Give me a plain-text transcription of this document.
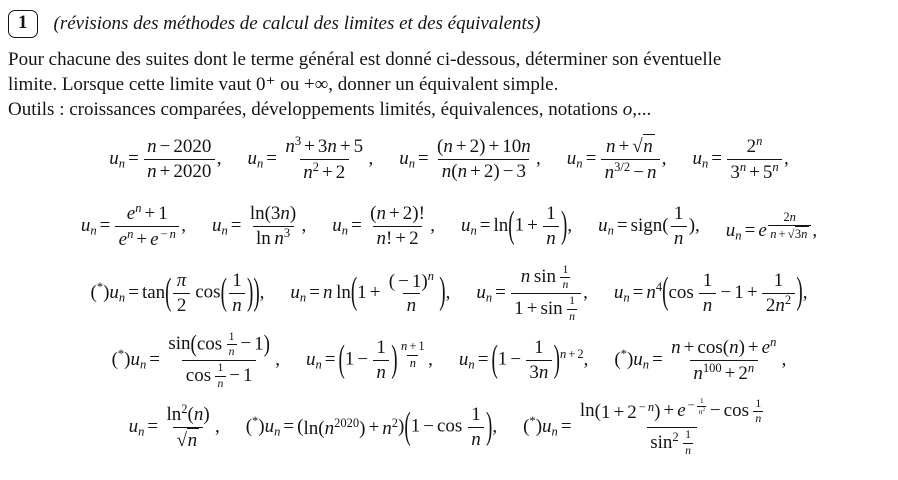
1	(révisions des méthodes de calcul des limites et des équivalents)
Pour chacune des suites dont le terme général est donné ci-dessous, déterminer son éventuelle
limite. Lorsque cette limite vaut 0⁺ ou +∞, donner un équivalent simple.
Outils : croissances comparées, développements limités, équivalences, notations o,...
$u_n = \frac{n - 2020}{n + 2020}$ , $u_n = \frac{n^3 + 3n + 5}{n^2 + 2}$ , $u_n = \frac{(n + 2) + 10n}{n(n + 2) - 3}$ , $u_n = \frac{n + √ n}{n^{3/2} - n}$ , $u_n = \frac{2^n}{3^n + 5^n}$ ,
$u_n = \frac{e^n + 1}{e^n + e ^{- n}}$ , $u_n = \frac{\ln(3n)}{\ln n^3}$ , $u_n = \frac{(n + 2)!}{n! + 2}$ , $u_n = \ln$ ( $1 + \frac{1}{n}$ ) , $u_n$ = sign( $\frac{1}{n}$ ), $u_n = e$ $^{\frac{2n}{n + √ 3n}}$ ,
$(^*)u_n = \tan$ ( $\frac{\pi}{2}$ cos ( $\frac{1}{n}$ ) ) , $u_n = n$ ln ( $1 + \frac{( - 1)^n}{n}$ ) , $u_n = \frac{n \sin \frac{1}{n}}{1 + \sin \frac{1}{n}}$ , $u_n = n^4$ ( $\cos \frac{1}{n} - 1 + \frac{1}{2n^2}$ ) ,
$(^*)u_n = \frac{\sin ( \cos \frac{1}{n} - 1 )}{\cos \frac{1}{n} - 1}$ , $u_n$ = ( $1 - \frac{1}{n}$ ) $^{\frac{n + 1}{n}}$ , $u_n$ = ( $1 - \frac{1}{3n}$ ) $^{n + 2}$, $(^*)u_n = \frac{n + \cos(n) + e^n}{n^{100} + 2^n}$ ,
$u_n = \frac{\ln^2(n)}{√ n}$ , $(^*)u_n$ = ( $\ln(n^{2020}) + n^2$ ) ( $1 - \cos \frac{1}{n}$ ) , $(^*)u_n = \ln$ ( 1 + 2 $^{- n}$ ) + e $^{- \frac{1}{n^2}} - \cos \frac{1}{n}$
$\sin^2 \frac{1}{n}$
